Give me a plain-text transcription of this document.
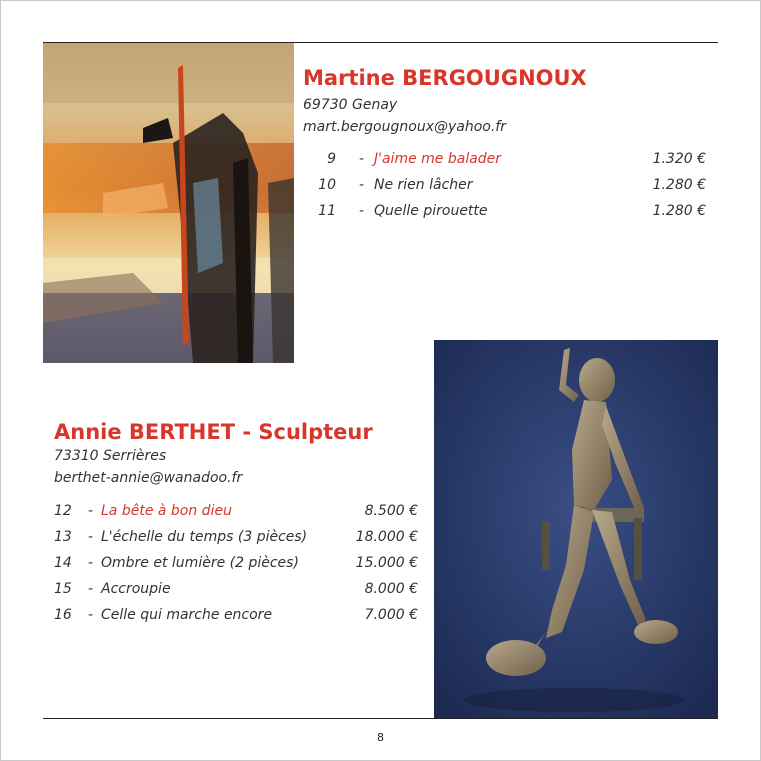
Martine BERGOUGNOUX
69730 Genay
mart.bergougnoux@yahoo.fr
9 - J'aime me balader	1.320 €
10 - Ne rien lâcher	1.280 €
11 - Quelle pirouette	1.280 €
Annie BERTHET - Sculpteur
73310 Serrières
berthet-annie@wanadoo.fr
12 - La bête à bon dieu	8.500 €
13 - L'échelle du temps (3 pièces)	18.000 €
14 - Ombre et lumière (2 pièces)	15.000 €
15 - Accroupie	8.000 €
16 - Celle qui marche encore	7.000 €
8
